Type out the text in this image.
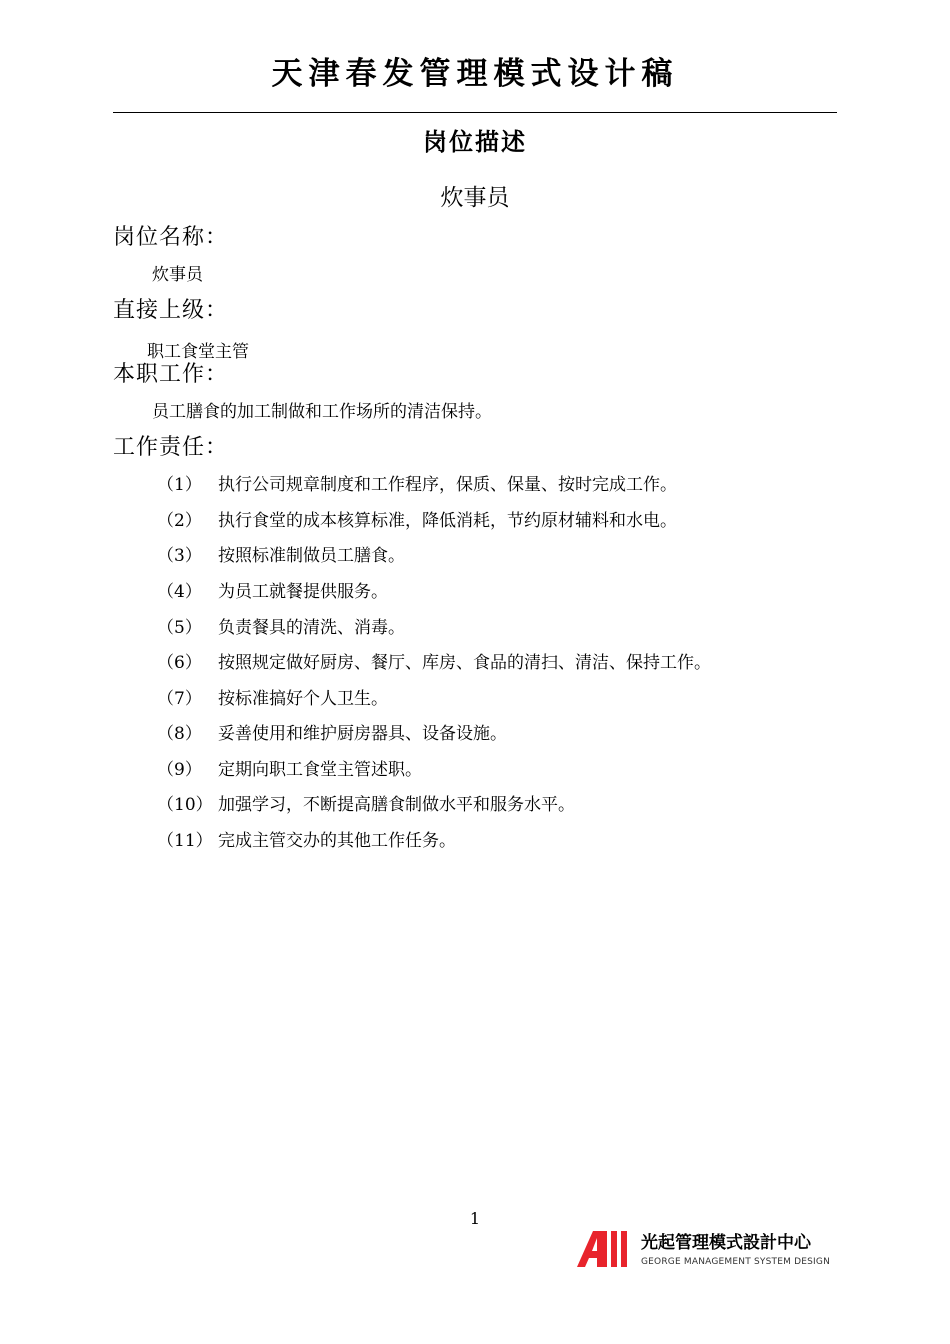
天津春发管理模式设计稿
岗位描述
炊事员
岗位名称：
炊事员
直接上级：
职工食堂主管
本职工作：
员工膳食的加工制做和工作场所的清洁保持。
工作责任：
（1） 执行公司规章制度和工作程序，保质、保量、按时完成工作。
（2） 执行食堂的成本核算标准，降低消耗，节约原材辅料和水电。
（3） 按照标准制做员工膳食。
（4） 为员工就餐提供服务。
（5） 负责餐具的清洗、消毒。
（6） 按照规定做好厨房、餐厅、库房、食品的清扫、清洁、保持工作。
（7） 按标准搞好个人卫生。
（8） 妥善使用和维护厨房器具、设备设施。
（9） 定期向职工食堂主管述职。
（10） 加强学习，不断提高膳食制做水平和服务水平。
（11） 完成主管交办的其他工作任务。
1
光起管理模式設計中心
GEORGE MANAGEMENT SYSTEM DESIGN
